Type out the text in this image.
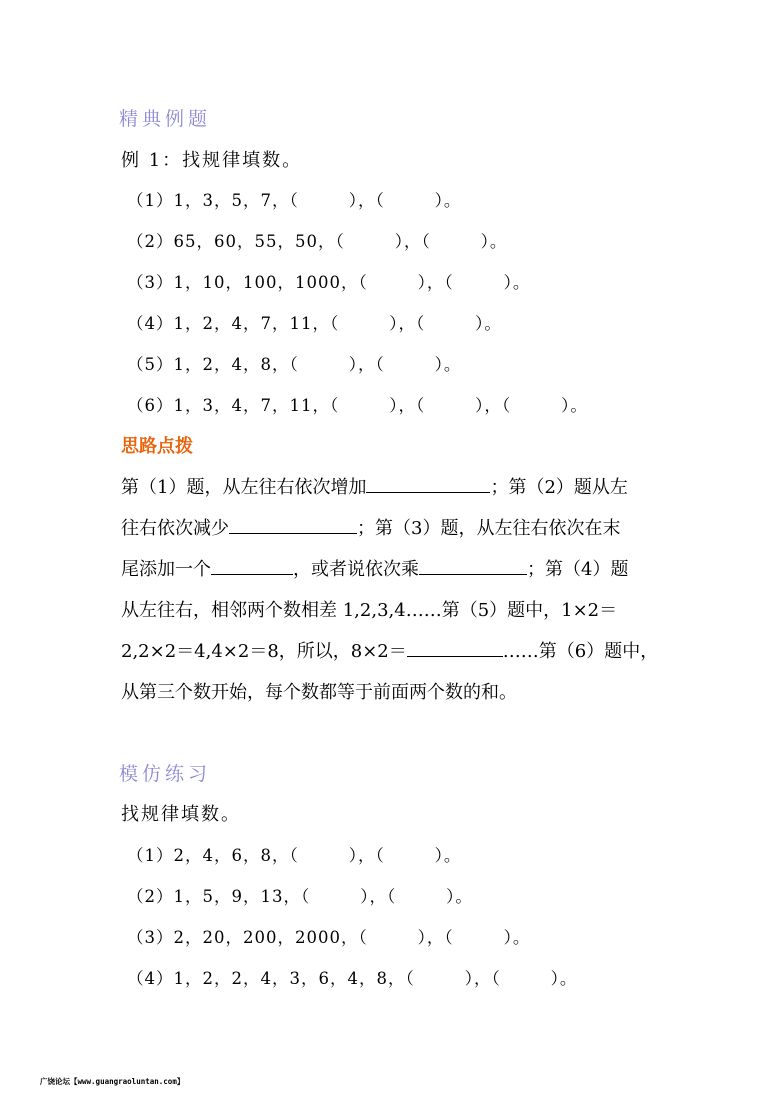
精典例题
例 1：找规律填数。
（1）1，3，5，7，（        ），（        ）。
（2）65，60，55，50，（        ），（        ）。
（3）1，10，100，1000，（        ），（        ）。
（4）1，2，4，7，11，（        ），（        ）。
（5）1，2，4，8，（        ），（        ）。
（6）1，3，4，7，11，（        ），（        ），（        ）。
思路点拨
第（1）题，从左往右依次增加	；第（2）题从左
往右依次减少	；第（3）题，从左往右依次在末
尾添加一个	，或者说依次乘	；第（4）题
从左往右，相邻两个数相差 1,2,3,4……第（5）题中，1×2＝
2,2×2＝4,4×2＝8，所以，8×2＝	……第（6）题中，
从第三个数开始，每个数都等于前面两个数的和。
模仿练习
找规律填数。
（1）2，4，6，8，（        ），（        ）。
（2）1，5，9，13，（        ），（        ）。
（3）2，20，200，2000，（        ），（        ）。
（4）1，2，2，4，3，6，4，8，（        ），（        ）。
广饶论坛【www.guangraoluntan.com】
